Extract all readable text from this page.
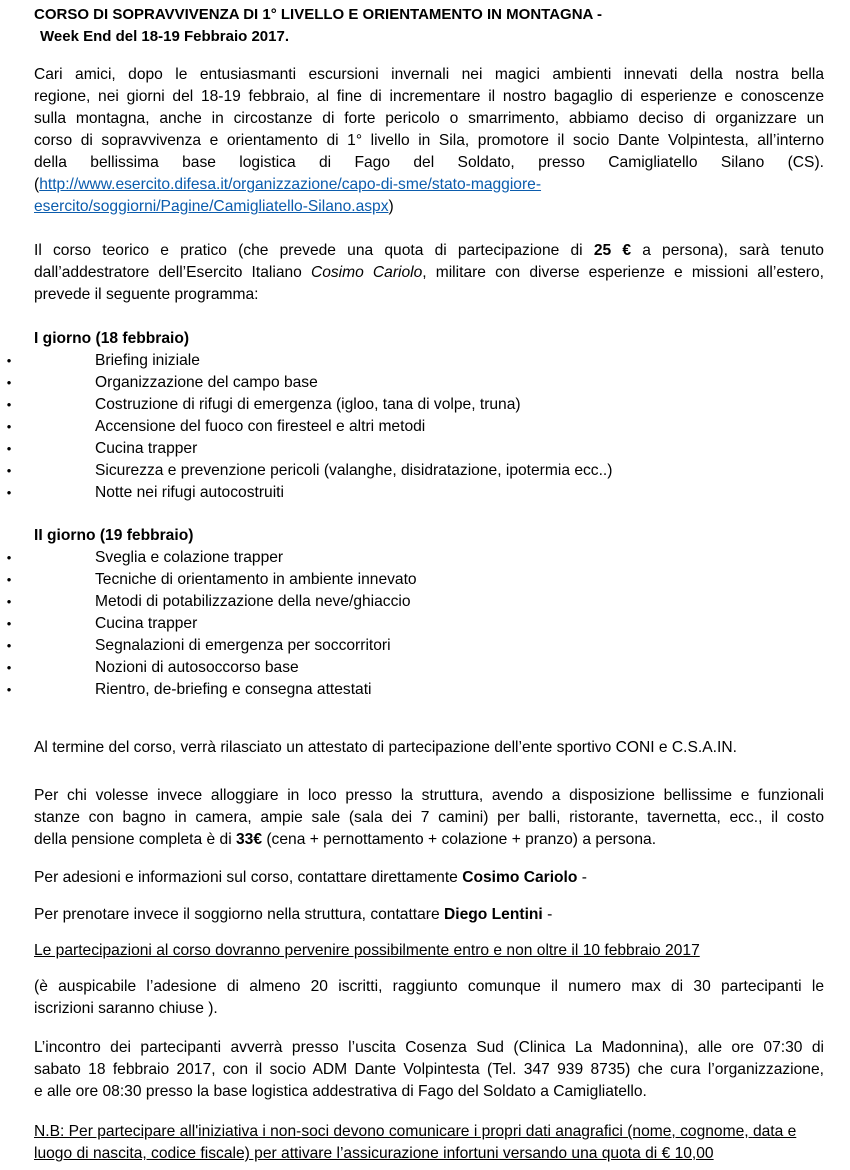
CORSO DI SOPRAVVIVENZA DI 1° LIVELLO E ORIENTAMENTO IN MONTAGNA -
Week End del 18-19 Febbraio 2017.
Cari amici, dopo le entusiasmanti escursioni invernali nei magici ambienti innevati della nostra bella
regione, nei giorni del 18-19 febbraio, al fine di incrementare il nostro bagaglio di esperienze e conoscenze
sulla montagna, anche in circostanze di forte pericolo o smarrimento, abbiamo deciso di organizzare un
corso di sopravvivenza e orientamento di 1° livello in Sila, promotore il socio Dante Volpintesta, all’interno
della bellissima base logistica di Fago del Soldato, presso Camigliatello Silano (CS).
(http://www.esercito.difesa.it/organizzazione/capo-di-sme/stato-maggiore-
esercito/soggiorni/Pagine/Camigliatello-Silano.aspx)
Il corso teorico e pratico (che prevede una quota di partecipazione di 25 € a persona), sarà tenuto
dall’addestratore dell’Esercito Italiano Cosimo Cariolo, militare con diverse esperienze e missioni all’estero,
prevede il seguente programma:
I giorno (18 febbraio)
•	Briefing iniziale
•	Organizzazione del campo base
•	Costruzione di rifugi di emergenza (igloo, tana di volpe, truna)
•	Accensione del fuoco con firesteel e altri metodi
•	Cucina trapper
•	Sicurezza e prevenzione pericoli (valanghe, disidratazione, ipotermia ecc..)
•	Notte nei rifugi autocostruiti
II giorno (19 febbraio)
•	Sveglia e colazione trapper
•	Tecniche di orientamento in ambiente innevato
•	Metodi di potabilizzazione della neve/ghiaccio
•	Cucina trapper
•	Segnalazioni di emergenza per soccorritori
•	Nozioni di autosoccorso base
•	Rientro, de-briefing e consegna attestati
Al termine del corso, verrà rilasciato un attestato di partecipazione dell’ente sportivo CONI e C.S.A.IN.
Per chi volesse invece alloggiare in loco presso la struttura, avendo a disposizione bellissime e funzionali
stanze con bagno in camera, ampie sale (sala dei 7 camini) per balli, ristorante, tavernetta, ecc., il costo
della pensione completa è di 33€ (cena + pernottamento + colazione + pranzo) a persona.
Per adesioni e informazioni sul corso, contattare direttamente Cosimo Cariolo -
Per prenotare invece il soggiorno nella struttura, contattare Diego Lentini -
Le partecipazioni al corso dovranno pervenire possibilmente entro e non oltre il 10 febbraio 2017
(è auspicabile l’adesione di almeno 20 iscritti, raggiunto comunque il numero max di 30 partecipanti le
iscrizioni saranno chiuse ).
L’incontro dei partecipanti avverrà presso l’uscita Cosenza Sud (Clinica La Madonnina), alle ore 07:30 di
sabato 18 febbraio 2017, con il socio ADM Dante Volpintesta (Tel. 347 939 8735) che cura l’organizzazione,
e alle ore 08:30 presso la base logistica addestrativa di Fago del Soldato a Camigliatello.
N.B: Per partecipare all'iniziativa i non-soci devono comunicare i propri dati anagrafici (nome, cognome, data e luogo di nascita, codice fiscale) per attivare l’assicurazione infortuni versando una quota di € 10,00
